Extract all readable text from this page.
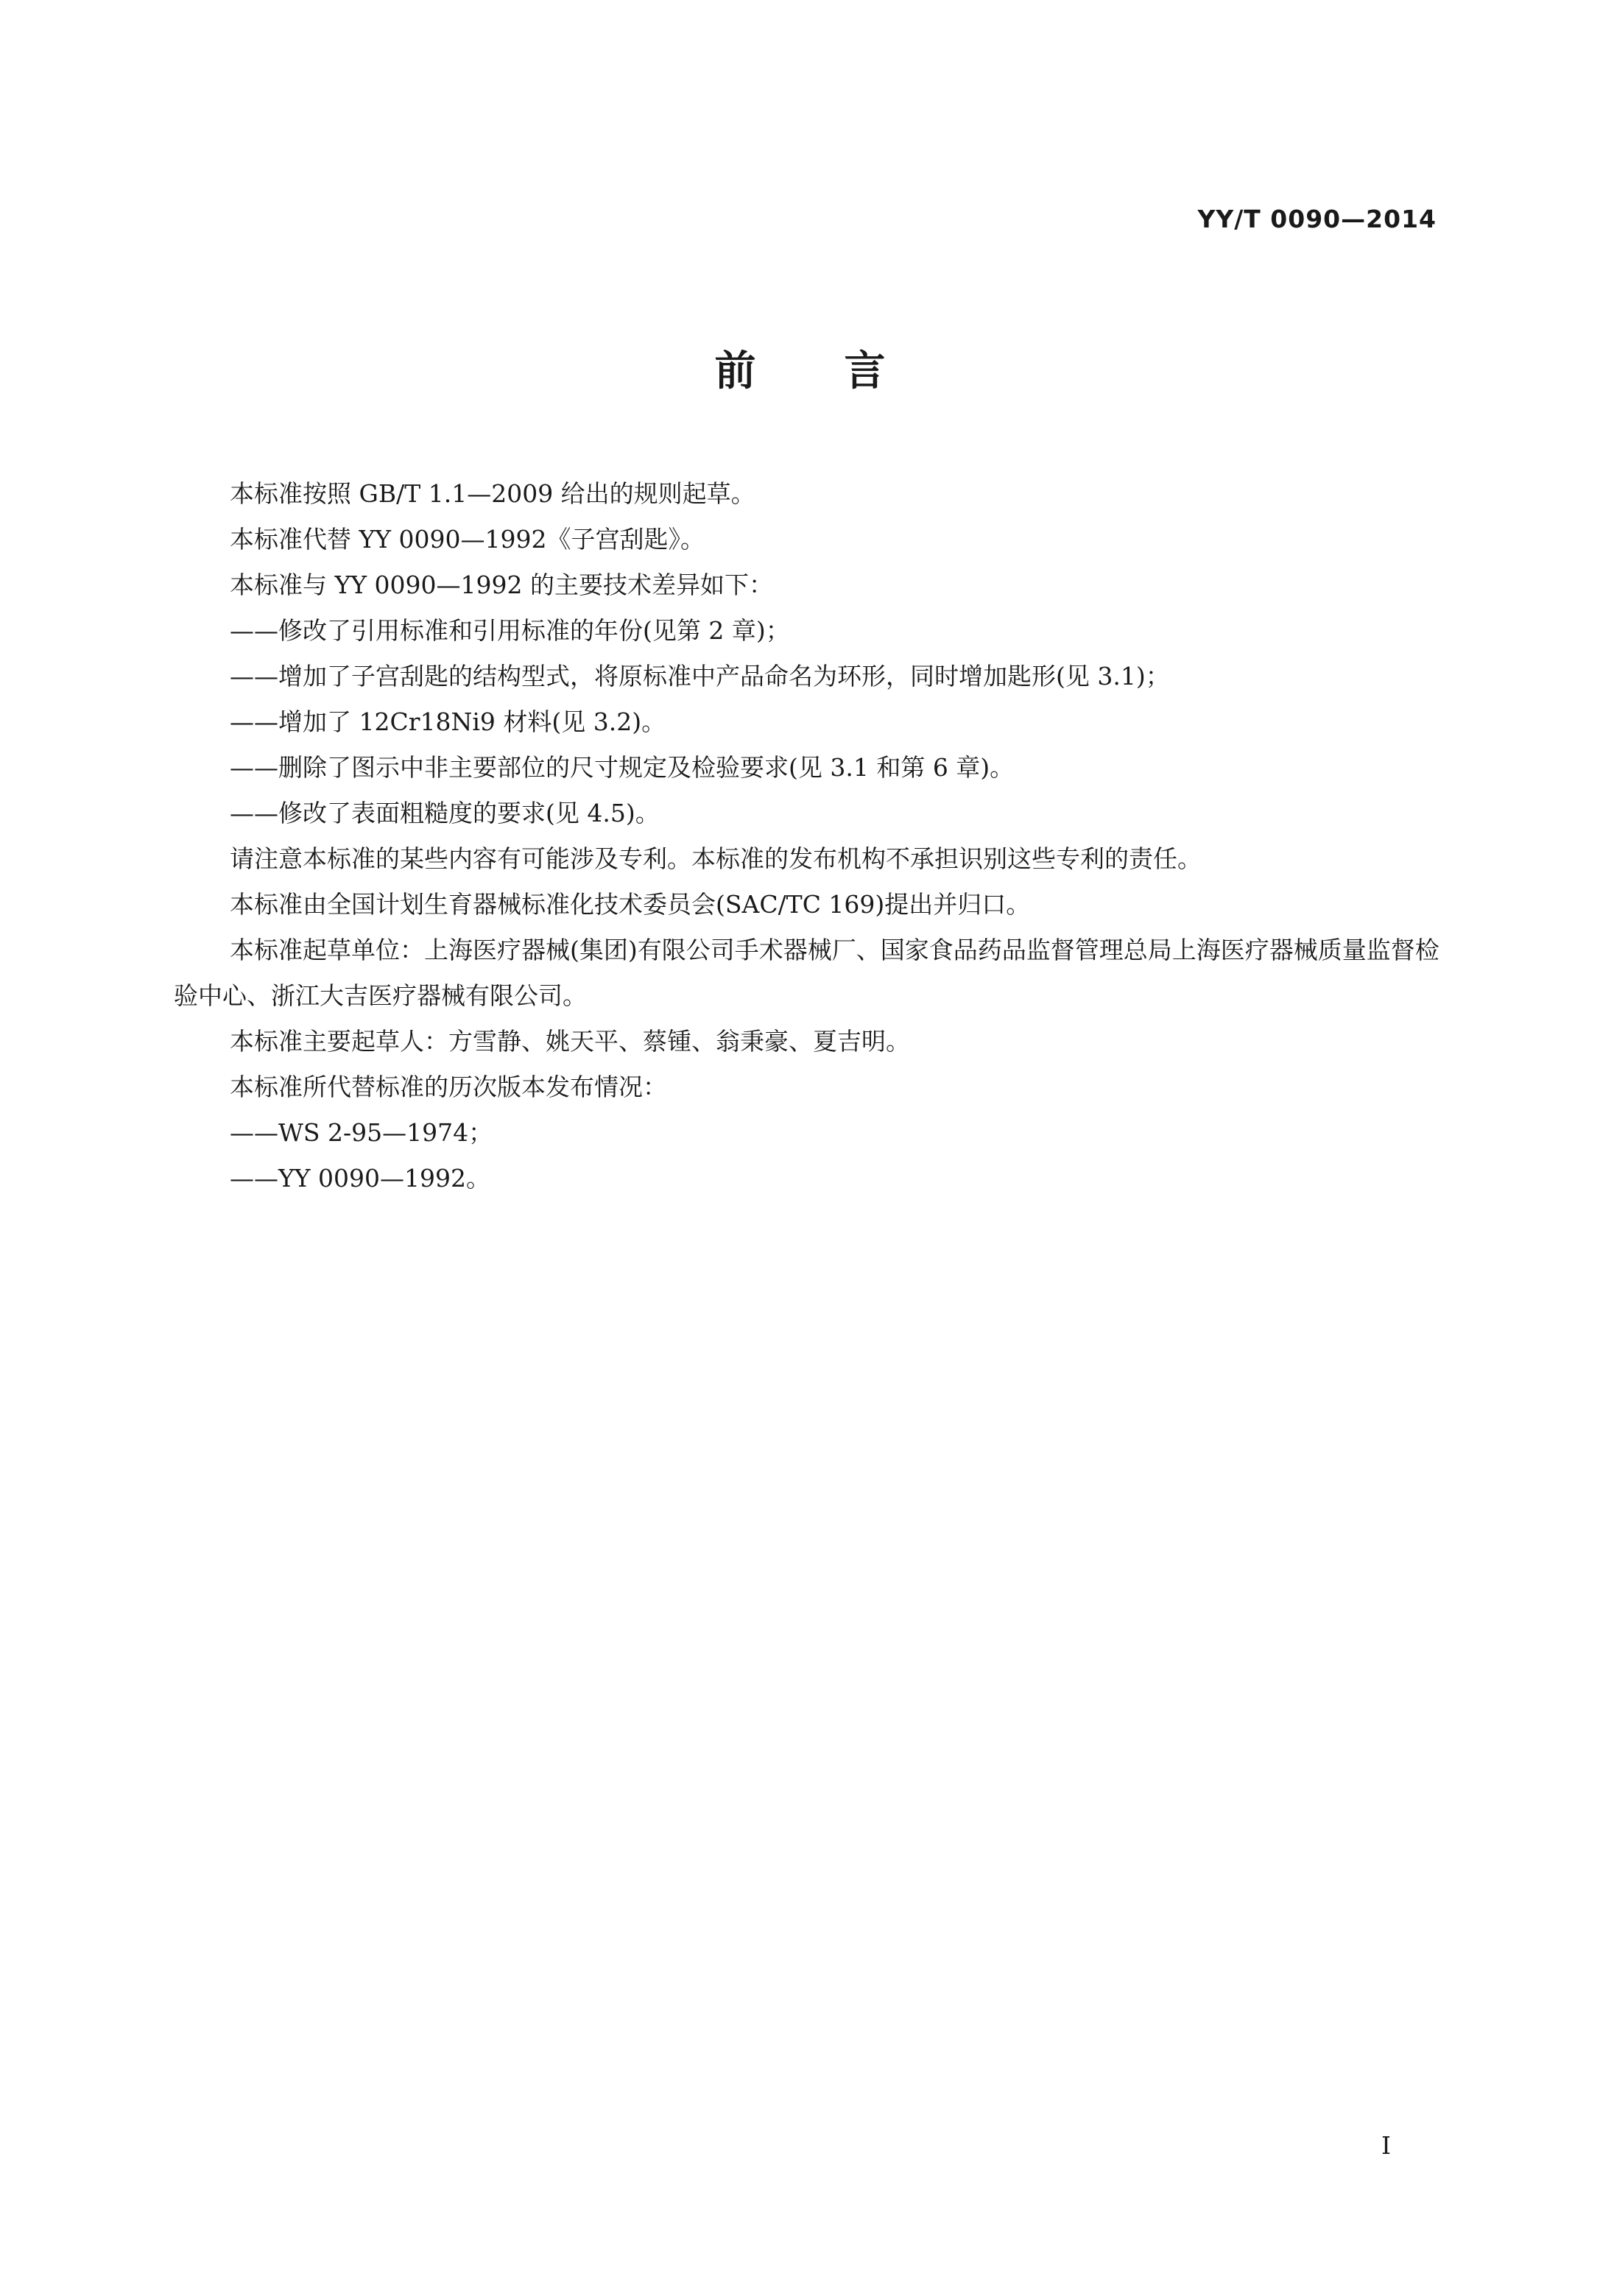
YY/T 0090—2014
前言

本标准按照 GB/T 1.1—2009 给出的规则起草。

本标准代替 YY 0090—1992《子宫刮匙》。

本标准与 YY 0090—1992 的主要技术差异如下：

——修改了引用标准和引用标准的年份(见第 2 章)；

——增加了子宫刮匙的结构型式，将原标准中产品命名为环形，同时增加匙形(见 3.1)；

——增加了 12Cr18Ni9 材料(见 3.2)。

——删除了图示中非主要部位的尺寸规定及检验要求(见 3.1 和第 6 章)。

——修改了表面粗糙度的要求(见 4.5)。

请注意本标准的某些内容有可能涉及专利。本标准的发布机构不承担识别这些专利的责任。

本标准由全国计划生育器械标准化技术委员会(SAC/TC 169)提出并归口。

本标准起草单位：上海医疗器械(集团)有限公司手术器械厂、国家食品药品监督管理总局上海医疗器械质量监督检验中心、浙江大吉医疗器械有限公司。

本标准主要起草人：方雪静、姚天平、蔡锺、翁秉豪、夏吉明。

本标准所代替标准的历次版本发布情况：

——WS 2-95—1974；

——YY 0090—1992。

I
